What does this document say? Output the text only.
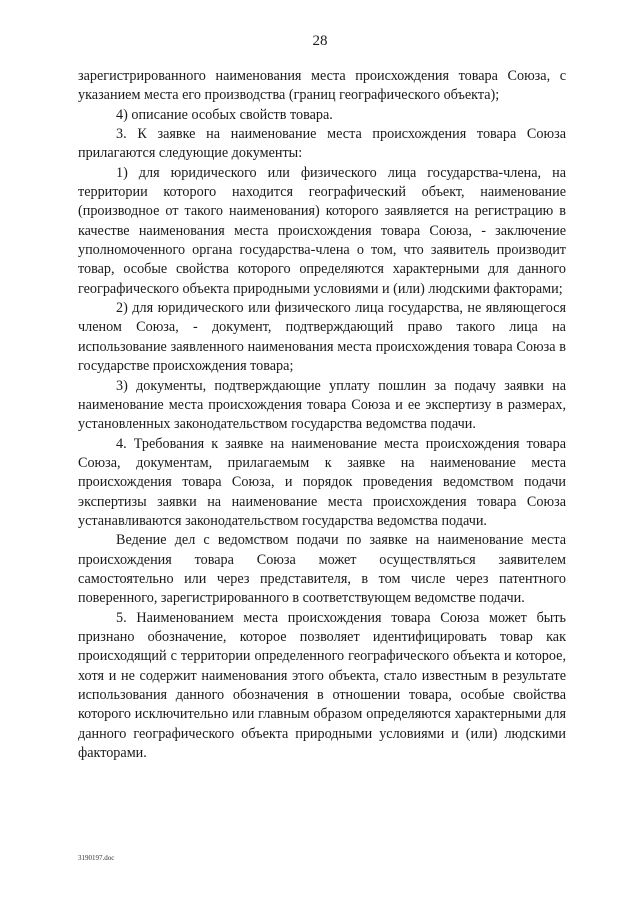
28

зарегистрированного наименования места происхождения товара Союза, с указанием места его производства (границ географического объекта);

4) описание особых свойств товара.

3. К заявке на наименование места происхождения товара Союза прилагаются следующие документы:

1) для юридического или физического лица государства-члена, на территории которого находится географический объект, наименование (производное от такого наименования) которого заявляется на регистрацию в качестве наименования места происхождения товара Союза, - заключение уполномоченного органа государства-члена о том, что заявитель производит товар, особые свойства которого определяются характерными для данного географического объекта природными условиями и (или) людскими факторами;

2) для юридического или физического лица государства, не являющегося членом Союза, - документ, подтверждающий право такого лица на использование заявленного наименования места происхождения товара Союза в государстве происхождения товара;

3) документы, подтверждающие уплату пошлин за подачу заявки на наименование места происхождения товара Союза и ее экспертизу в размерах, установленных законодательством государства ведомства подачи.

4. Требования к заявке на наименование места происхождения товара Союза, документам, прилагаемым к заявке на наименование места происхождения товара Союза, и порядок проведения ведомством подачи экспертизы заявки на наименование места происхождения товара Союза устанавливаются законодательством государства ведомства подачи.

Ведение дел с ведомством подачи по заявке на наименование места происхождения товара Союза может осуществляться заявителем самостоятельно или через представителя, в том числе через патентного поверенного, зарегистрированного в соответствующем ведомстве подачи.

5. Наименованием места происхождения товара Союза может быть признано обозначение, которое позволяет идентифицировать товар как происходящий с территории определенного географического объекта и которое, хотя и не содержит наименования этого объекта, стало известным в результате использования данного обозначения в отношении товара, особые свойства которого исключительно или главным образом определяются характерными для данного географического объекта природными условиями и (или) людскими факторами.

3190197.doc
